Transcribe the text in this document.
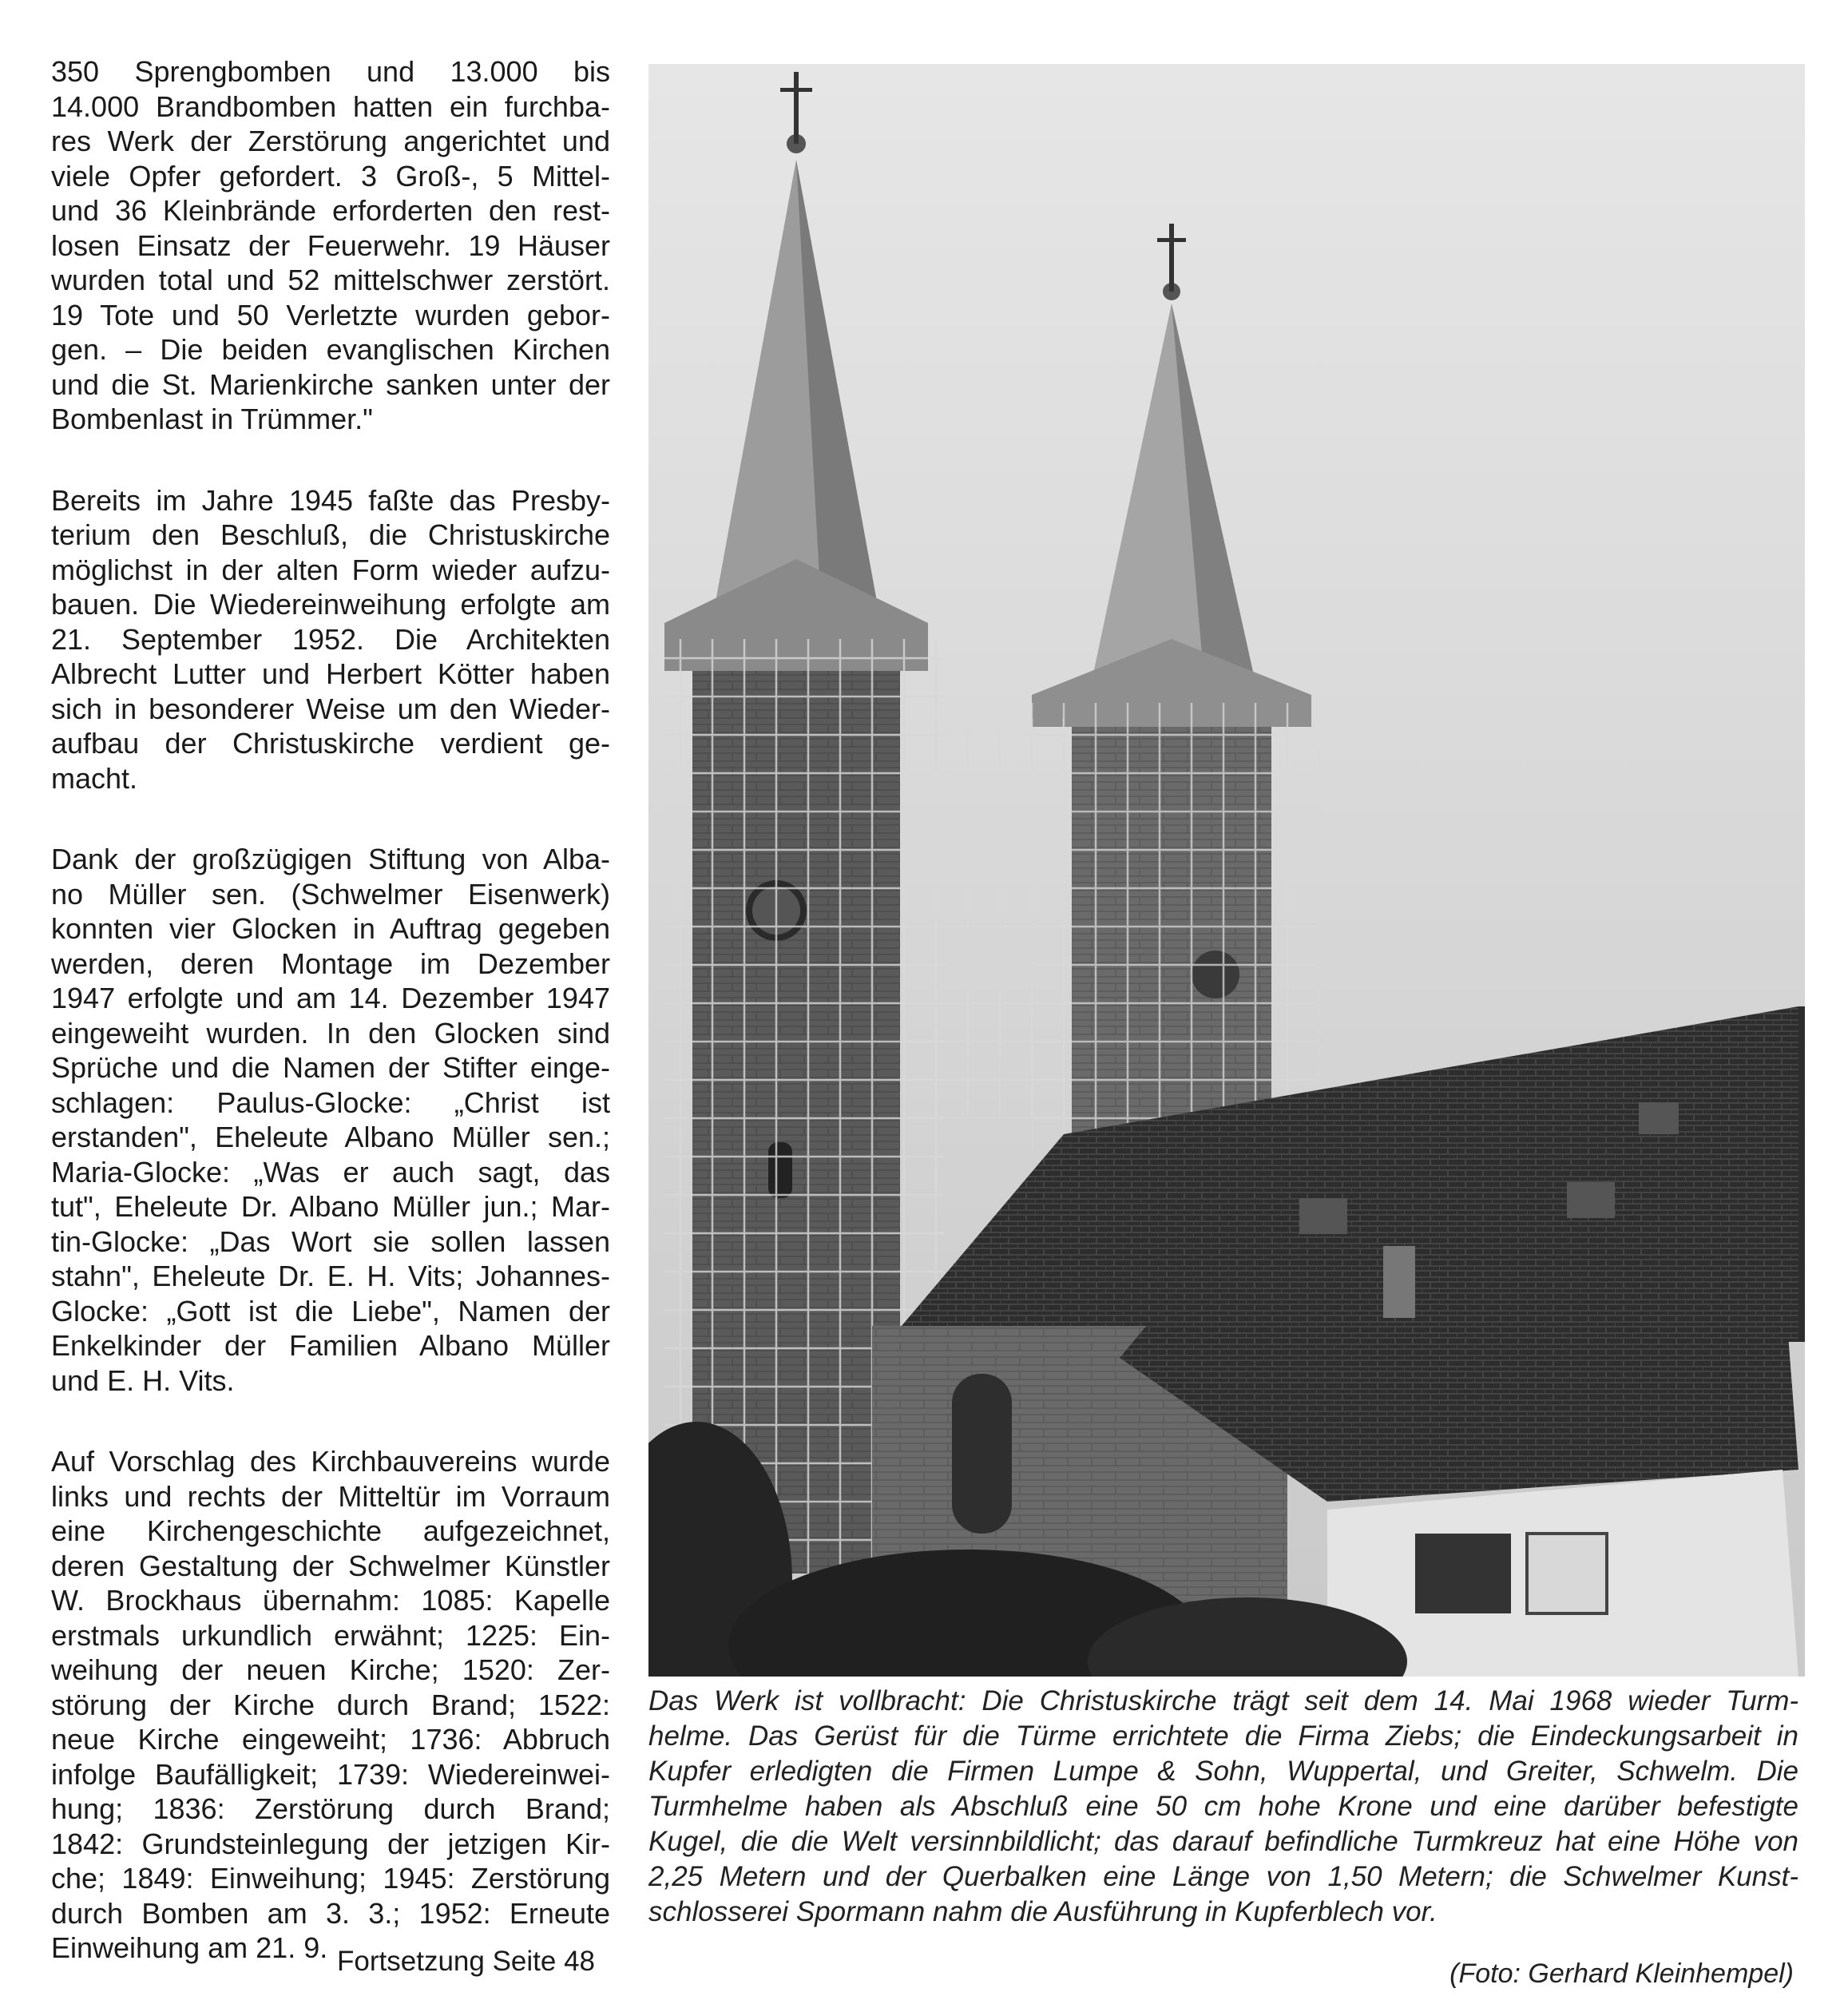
350 Sprengbomben und 13.000 bis
14.000 Brandbomben hatten ein furchba-
res Werk der Zerstörung angerichtet und
viele Opfer gefordert. 3 Groß-, 5 Mittel-
und 36 Kleinbrände erforderten den rest-
losen Einsatz der Feuerwehr. 19 Häuser
wurden total und 52 mittelschwer zerstört.
19 Tote und 50 Verletzte wurden gebor-
gen. – Die beiden evanglischen Kirchen
und die St. Marienkirche sanken unter der
Bombenlast in Trümmer."

Bereits im Jahre 1945 faßte das Presby-
terium den Beschluß, die Christuskirche
möglichst in der alten Form wieder aufzu-
bauen. Die Wiedereinweihung erfolgte am
21. September 1952. Die Architekten
Albrecht Lutter und Herbert Kötter haben
sich in besonderer Weise um den Wieder-
aufbau der Christuskirche verdient ge-
macht.

Dank der großzügigen Stiftung von Alba-
no Müller sen. (Schwelmer Eisenwerk)
konnten vier Glocken in Auftrag gegeben
werden, deren Montage im Dezember
1947 erfolgte und am 14. Dezember 1947
eingeweiht wurden. In den Glocken sind
Sprüche und die Namen der Stifter einge-
schlagen: Paulus-Glocke: „Christ ist
erstanden", Eheleute Albano Müller sen.;
Maria-Glocke: „Was er auch sagt, das
tut", Eheleute Dr. Albano Müller jun.; Mar-
tin-Glocke: „Das Wort sie sollen lassen
stahn", Eheleute Dr. E. H. Vits; Johannes-
Glocke: „Gott ist die Liebe", Namen der
Enkelkinder der Familien Albano Müller
und E. H. Vits.

Auf Vorschlag des Kirchbauvereins wurde
links und rechts der Mitteltür im Vorraum
eine Kirchengeschichte aufgezeichnet,
deren Gestaltung der Schwelmer Künstler
W. Brockhaus übernahm: 1085: Kapelle
erstmals urkundlich erwähnt; 1225: Ein-
weihung der neuen Kirche; 1520: Zer-
störung der Kirche durch Brand; 1522:
neue Kirche eingeweiht; 1736: Abbruch
infolge Baufälligkeit; 1739: Wiedereinwei-
hung; 1836: Zerstörung durch Brand;
1842: Grundsteinlegung der jetzigen Kir-
che; 1849: Einweihung; 1945: Zerstörung
durch Bomben am 3. 3.; 1952: Erneute
Einweihung am 21. 9. Fortsetzung Seite 48
Das Werk ist vollbracht: Die Christuskirche trägt seit dem 14. Mai 1968 wieder Turm-
helme. Das Gerüst für die Türme errichtete die Firma Ziebs; die Eindeckungsarbeit in
Kupfer erledigten die Firmen Lumpe & Sohn, Wuppertal, und Greiter, Schwelm. Die
Turmhelme haben als Abschluß eine 50 cm hohe Krone und eine darüber befestigte
Kugel, die die Welt versinnbildlicht; das darauf befindliche Turmkreuz hat eine Höhe von
2,25 Metern und der Querbalken eine Länge von 1,50 Metern; die Schwelmer Kunst-
schlosserei Spormann nahm die Ausführung in Kupferblech vor.
(Foto: Gerhard Kleinhempel)
